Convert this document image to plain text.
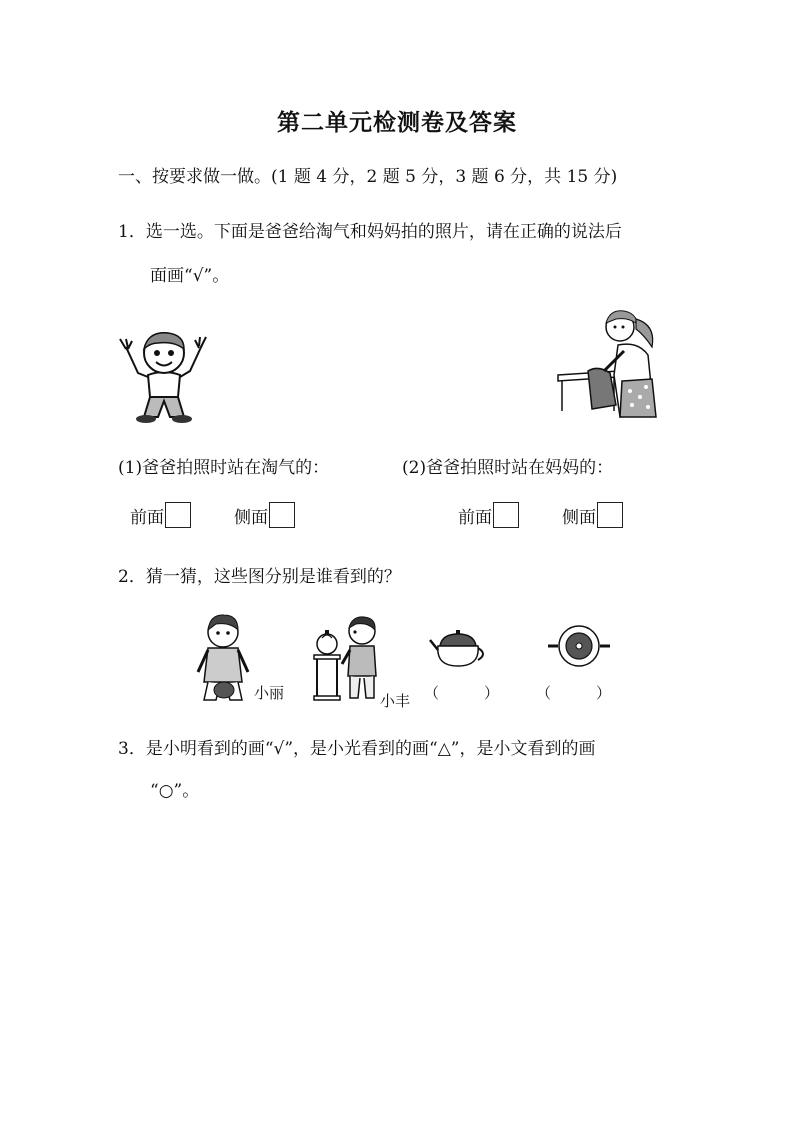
第二单元检测卷及答案
一、按要求做一做。(1 题 4 分，2 题 5 分，3 题 6 分，共 15 分)
1．选一选。下面是爸爸给淘气和妈妈拍的照片，请在正确的说法后
面画“√”。
(1)爸爸拍照时站在淘气的：	(2)爸爸拍照时站在妈妈的：
前面	侧面	前面	侧面
2．猜一猜，这些图分别是谁看到的？
小丽	小丰 （　　　） （　　　）
3．是小明看到的画“√”，是小光看到的画“△”，是小文看到的画
“○”。
